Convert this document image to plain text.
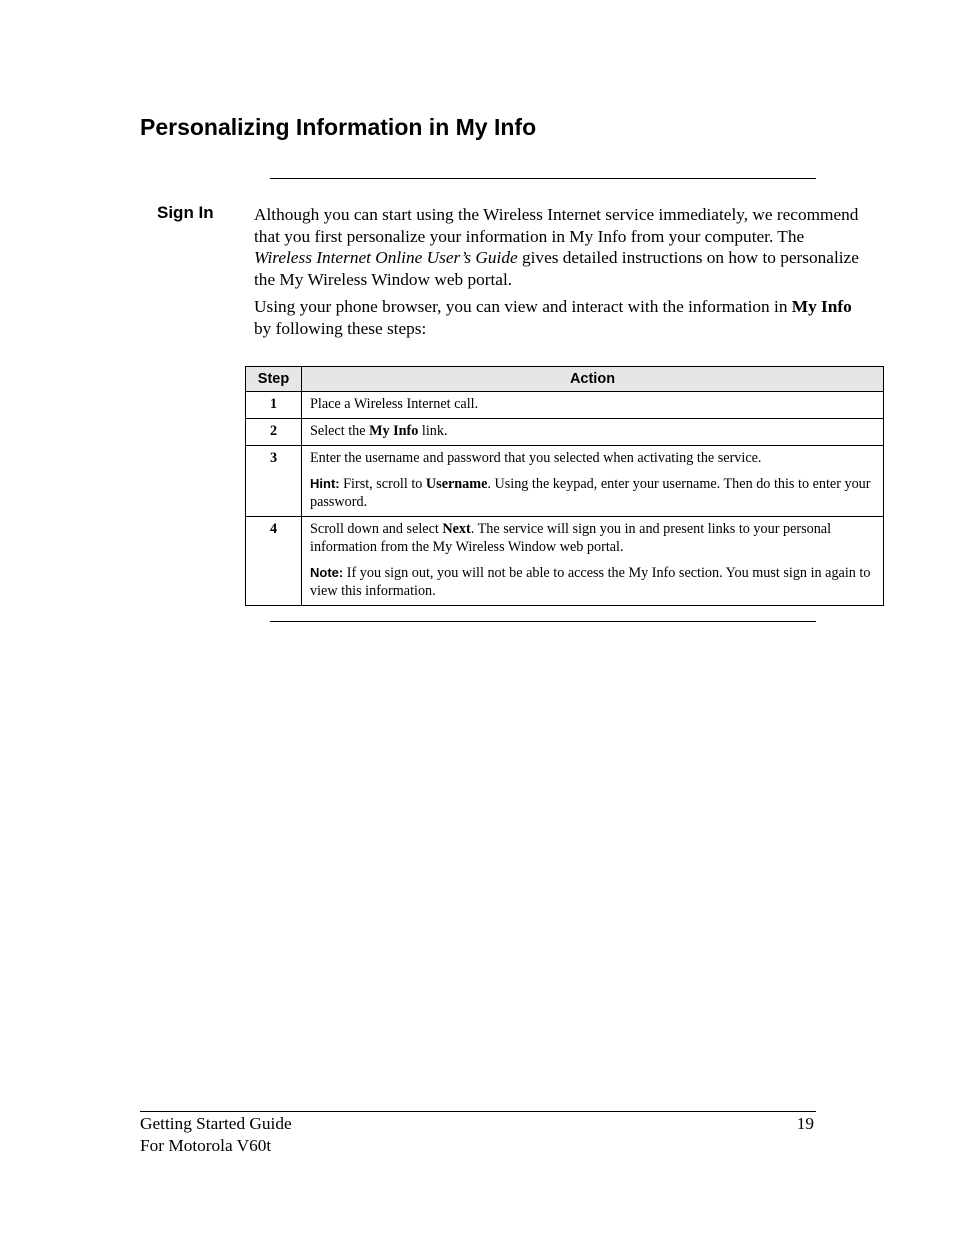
Personalizing Information in My Info
Sign In Although you can start using the Wireless Internet service immediately, we recommend that you first personalize your information in My Info from your computer. The Wireless Internet Online User’s Guide gives detailed instructions on how to personalize the My Wireless Window web portal.

Using your phone browser, you can view and interact with the information in My Info by following these steps:

Step	Action
1	Place a Wireless Internet call.

2	Select the My Info link.

3	Enter the username and password that you selected when activating the service.

Hint: First, scroll to Username. Using the keypad, enter your username. Then do this to enter your password.

4	Scroll down and select Next. The service will sign you in and present links to your personal information from the My Wireless Window web portal.

Note: If you sign out, you will not be able to access the My Info section. You must sign in again to view this information.

Getting Started Guide
For Motorola V60t
19
